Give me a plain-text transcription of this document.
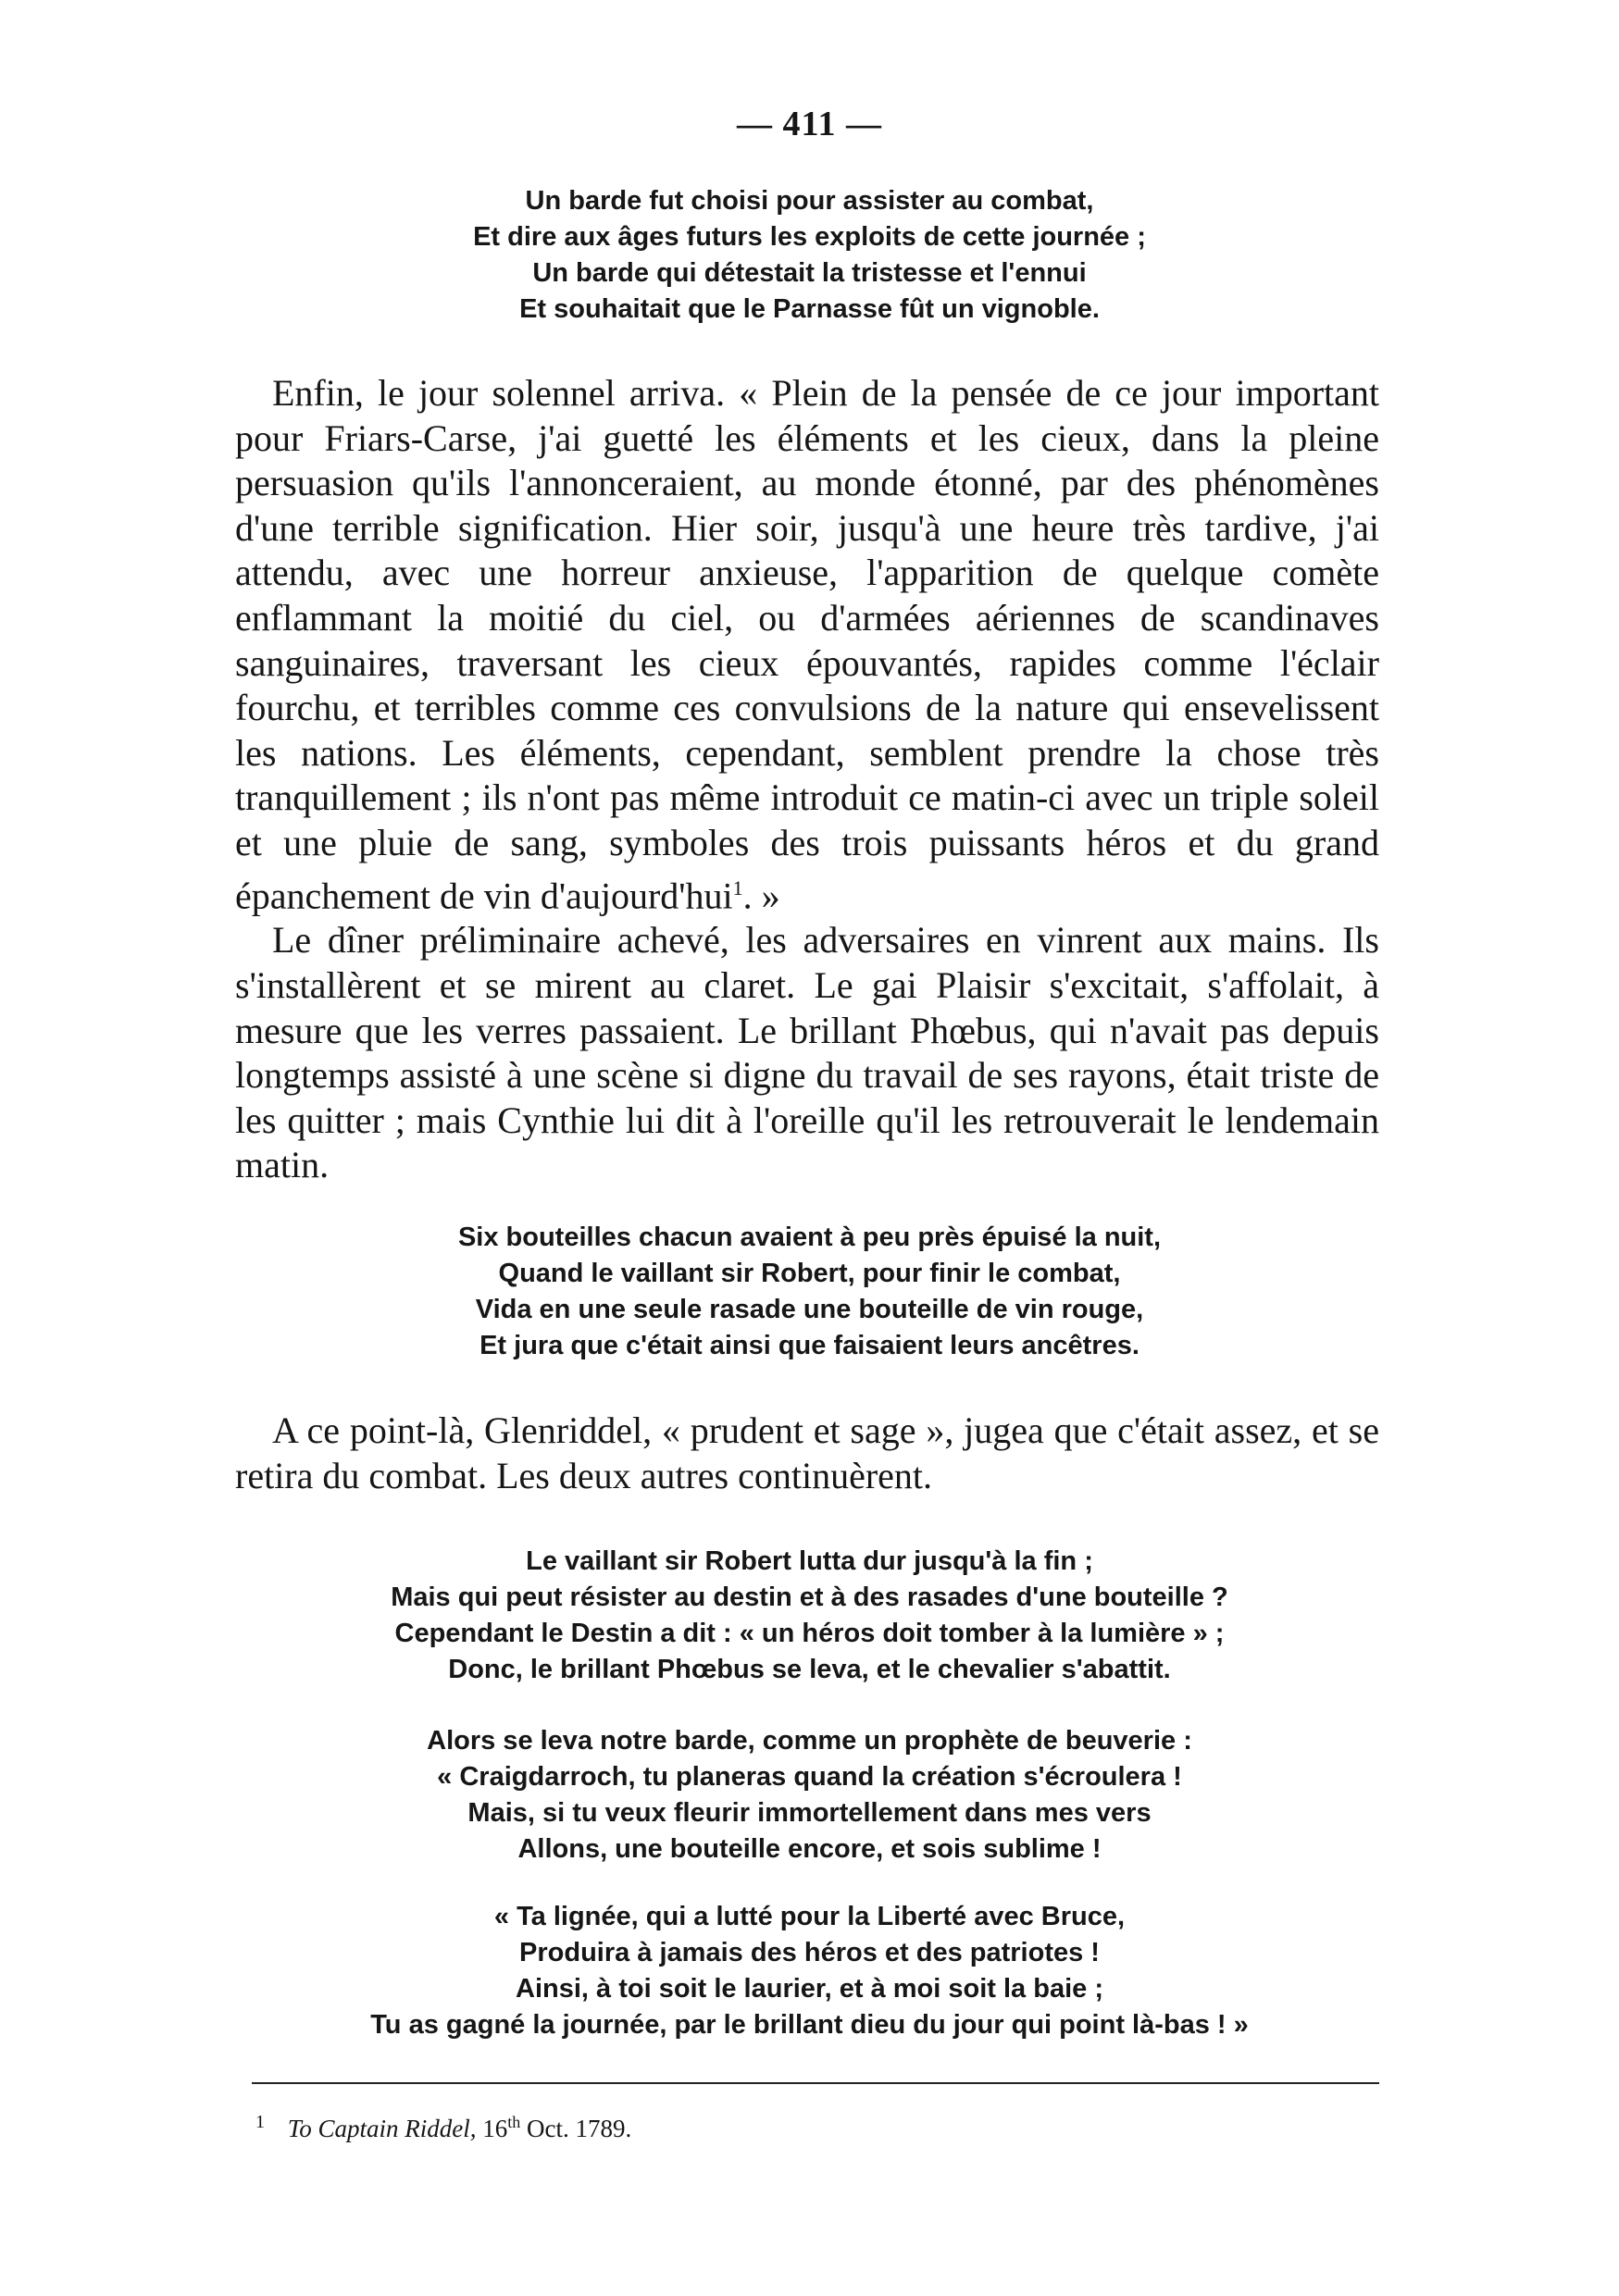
— 411 —
Un barde fut choisi pour assister au combat,
Et dire aux âges futurs les exploits de cette journée ;
Un barde qui détestait la tristesse et l'ennui
Et souhaitait que le Parnasse fût un vignoble.
Enfin, le jour solennel arriva. « Plein de la pensée de ce jour important pour Friars-Carse, j'ai guetté les éléments et les cieux, dans la pleine persuasion qu'ils l'annonceraient, au monde étonné, par des phénomènes d'une terrible signification. Hier soir, jusqu'à une heure très tardive, j'ai attendu, avec une horreur anxieuse, l'apparition de quelque comète enflammant la moitié du ciel, ou d'armées aériennes de scandinaves sanguinaires, traversant les cieux épouvantés, rapides comme l'éclair fourchu, et terribles comme ces convulsions de la nature qui ensevelissent les nations. Les éléments, cependant, semblent prendre la chose très tranquillement ; ils n'ont pas même introduit ce matin-ci avec un triple soleil et une pluie de sang, symboles des trois puissants héros et du grand épanchement de vin d'aujourd'hui$^1$. »
Le dîner préliminaire achevé, les adversaires en vinrent aux mains. Ils s'installèrent et se mirent au claret. Le gai Plaisir s'excitait, s'affolait, à mesure que les verres passaient. Le brillant Phœbus, qui n'avait pas depuis longtemps assisté à une scène si digne du travail de ses rayons, était triste de les quitter ; mais Cynthie lui dit à l'oreille qu'il les retrouverait le lendemain matin.
Six bouteilles chacun avaient à peu près épuisé la nuit,
Quand le vaillant sir Robert, pour finir le combat,
Vida en une seule rasade une bouteille de vin rouge,
Et jura que c'était ainsi que faisaient leurs ancêtres.
A ce point-là, Glenriddel, « prudent et sage », jugea que c'était assez, et se retira du combat. Les deux autres continuèrent.
Le vaillant sir Robert lutta dur jusqu'à la fin ;
Mais qui peut résister au destin et à des rasades d'une bouteille ?
Cependant le Destin a dit : « un héros doit tomber à la lumière » ;
Donc, le brillant Phœbus se leva, et le chevalier s'abattit.
Alors se leva notre barde, comme un prophète de beuverie :
« Craigdarroch, tu planeras quand la création s'écroulera !
Mais, si tu veux fleurir immortellement dans mes vers
Allons, une bouteille encore, et sois sublime !
« Ta lignée, qui a lutté pour la Liberté avec Bruce,
Produira à jamais des héros et des patriotes !
Ainsi, à toi soit le laurier, et à moi soit la baie ;
Tu as gagné la journée, par le brillant dieu du jour qui point là-bas ! »
$^1$ To Captain Riddel, 16th Oct. 1789.
